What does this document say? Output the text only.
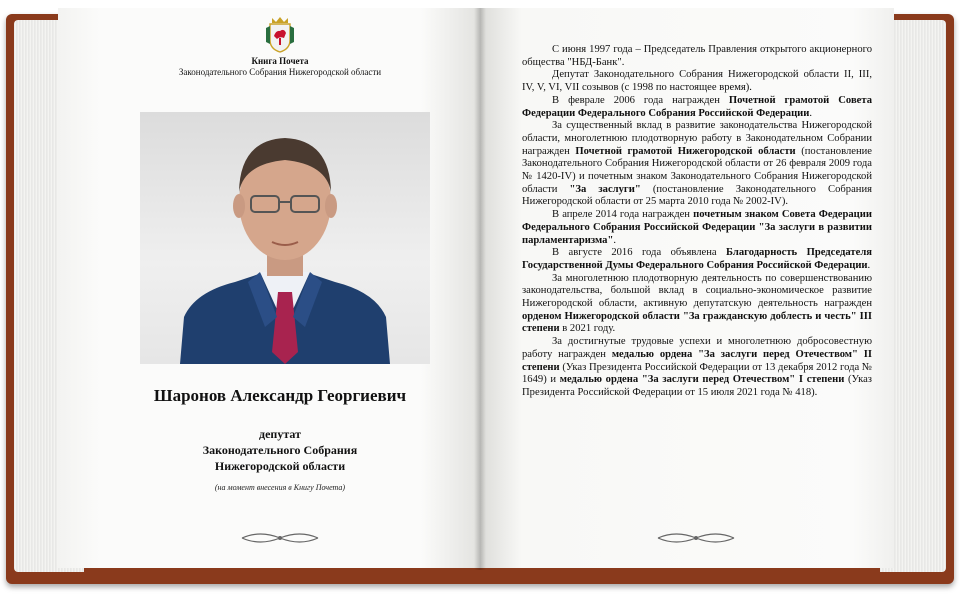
Книга Почета
Законодательного Собрания Нижегородской области
Шаронов Александр Георгиевич
депутат
Законодательного Собрания
Нижегородской области
(на момент внесения в Книгу Почета)

С июня 1997 года – Председатель Правления открытого акционерного общества "НБД-Банк".

Депутат Законодательного Собрания Нижегородской области II, III, IV, V, VI, VII созывов (с 1998 по настоящее время).

В феврале 2006 года награжден Почетной грамотой Совета Федерации Федерального Собрания Российской Федерации.

За существенный вклад в развитие законодательства Нижегородской области, многолетнюю плодотворную работу в Законодательном Собрании награжден Почетной грамотой Нижегородской области (постановление Законодательного Собрания Нижегородской области от 26 февраля 2009 года № 1420-IV) и почетным знаком Законодательного Собрания Нижегородской области "За заслуги" (постановление Законодательного Собрания Нижегородской области от 25 марта 2010 года № 2002-IV).

В апреле 2014 года награжден почетным знаком Совета Федерации Федерального Собрания Российской Федерации "За заслуги в развитии парламентаризма".

В августе 2016 года объявлена Благодарность Председателя Государственной Думы Федерального Собрания Российской Федерации.

За многолетнюю плодотворную деятельность по совершенствованию законодательства, большой вклад в социально-экономическое развитие Нижегородской области, активную депутатскую деятельность награжден орденом Нижегородской области "За гражданскую доблесть и честь" III степени в 2021 году.

За достигнутые трудовые успехи и многолетнюю добросовестную работу награжден медалью ордена "За заслуги перед Отечеством" II степени (Указ Президента Российской Федерации от 13 декабря 2012 года № 1649) и медалью ордена "За заслуги перед Отечеством" I степени (Указ Президента Российской Федерации от 15 июля 2021 года № 418).
